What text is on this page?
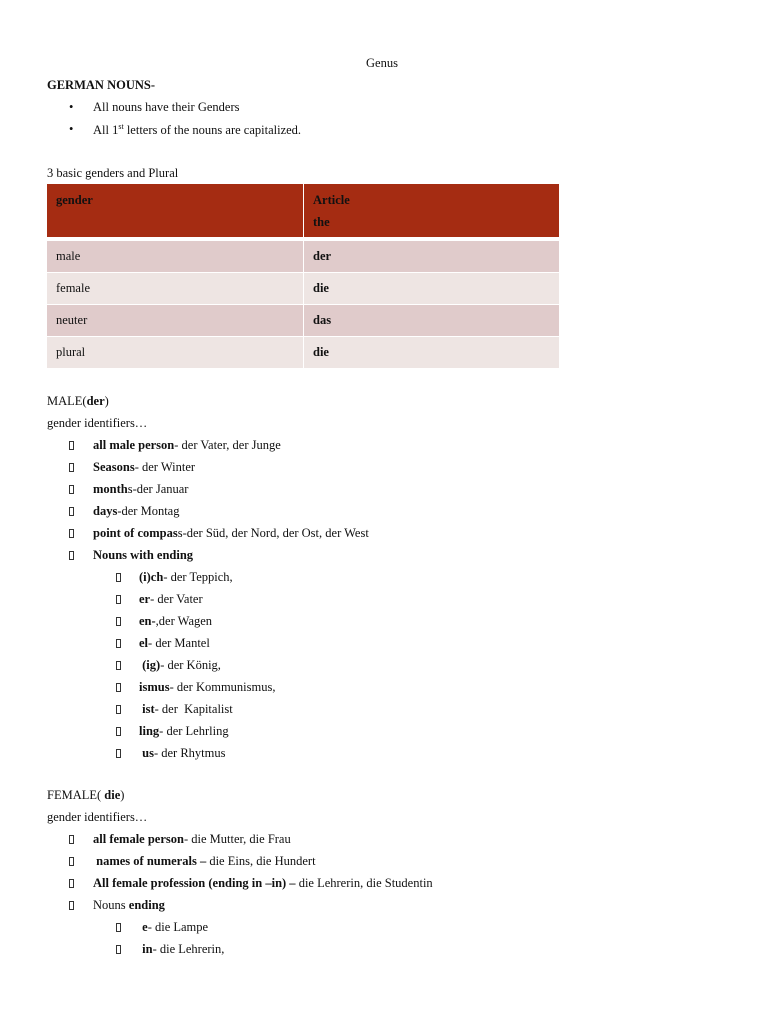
Genus
GERMAN NOUNS-
• All nouns have their Genders
• All 1st letters of the nouns are capitalized.
3 basic genders and Plural
gender	Article
the
male	der
female	die
neuter	das
plural	die
MALE(der)
gender identifiers…
all male person- der Vater, der Junge
Seasons- der Winter
months-der Januar
days-der Montag
point of compass-der Süd, der Nord, der Ost, der West
Nouns with ending
(i)ch- der Teppich,
er- der Vater
en-,der Wagen
el- der Mantel
(ig)- der König,
ismus- der Kommunismus,
ist- der  Kapitalist
ling- der Lehrling
us- der Rhytmus
FEMALE( die)
gender identifiers…
all female person- die Mutter, die Frau
names of numerals – die Eins, die Hundert
All female profession (ending in –in) – die Lehrerin, die Studentin
Nouns ending
e- die Lampe
in- die Lehrerin,
